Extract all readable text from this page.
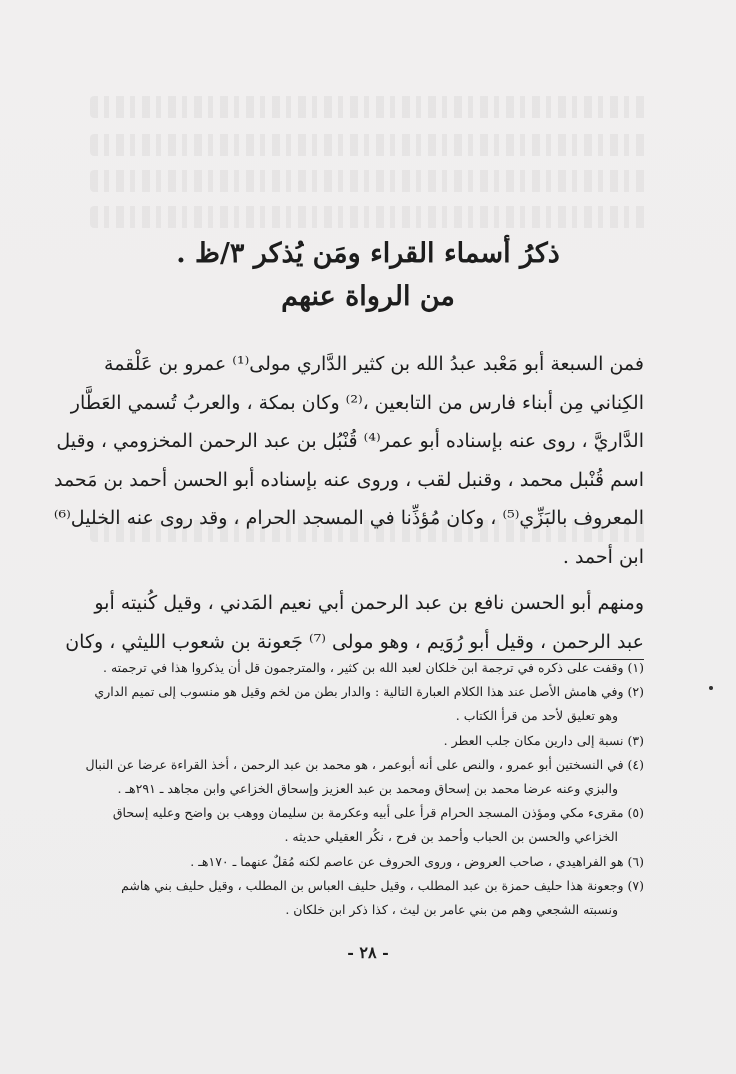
ذكرُ أسماء القراء ومَن يُذكر ٣/ظ .
من الرواة عنهم

فمن السبعة أبو مَعْبد عبدُ الله بن كثير الدَّاري مولى⁽¹⁾ عمرو بن عَلْقمة
الكِناني مِن أبناء فارس من التابعين ،⁽²⁾ وكان بمكة ، والعربُ تُسمي العَطَّار
الدَّاريَّ ، روى عنه بإسناده أبو عمر⁽⁴⁾ قُنْبُل بن عبد الرحمن المخزومي ، وقيل
اسم قُنْبل محمد ، وقنبل لقب ، وروى عنه بإسناده أبو الحسن أحمد بن مَحمد
المعروف بالبَزِّي⁽⁵⁾ ، وكان مُؤذِّنا في المسجد الحرام ، وقد روى عنه الخليل⁽⁶⁾
ابن أحمد .

ومنهم أبو الحسن نافع بن عبد الرحمن أبي نعيم المَدني ، وقيل كُنيته أبو
عبد الرحمن ، وقيل أبو رُوَيم ، وهو مولى ⁽⁷⁾ جَعونة بن شعوب الليثي ، وكان

(١) وقفت على ذكره في ترجمة ابن خلكان لعبد الله بن كثير ، والمترجمون قل أن يذكروا هذا في ترجمته .
(٢) وفي هامش الأصل عند هذا الكلام العبارة التالية : والدار بطن من لخم وقيل هو منسوب إلى تميم الداري
وهو تعليق لأحد من قرأ الكتاب .
(٣) نسبة إلى دارين مكان جلب العطر .
(٤) في النسختين أبو عمرو ، والنص على أنه أبوعمر ، هو محمد بن عبد الرحمن ، أخذ القراءة عرضا عن النبال
والبزي وعنه عرضا محمد بن إسحاق ومحمد بن عبد العزيز وإسحاق الخزاعي وابن مجاهد ـ ٢٩١هـ .
(٥) مقرىء مكي ومؤذن المسجد الحرام قرأ على أبيه وعكرمة بن سليمان ووهب بن واضح وعليه إسحاق
الخزاعي والحسن بن الحباب وأحمد بن فرح ، نكُر العقيلي حديثه .
(٦) هو الفراهيدي ، صاحب العروض ، وروى الحروف عن عاصم لكنه مُقلٌ عنهما ـ ١٧٠هـ .
(٧) وجعونة هذا حليف حمزة بن عبد المطلب ، وقيل حليف العباس بن المطلب ، وقيل حليف بني هاشم
ونسبته الشجعي وهم من بني عامر بن ليث ، كذا ذكر ابن خلكان .
- ٢٨ -
